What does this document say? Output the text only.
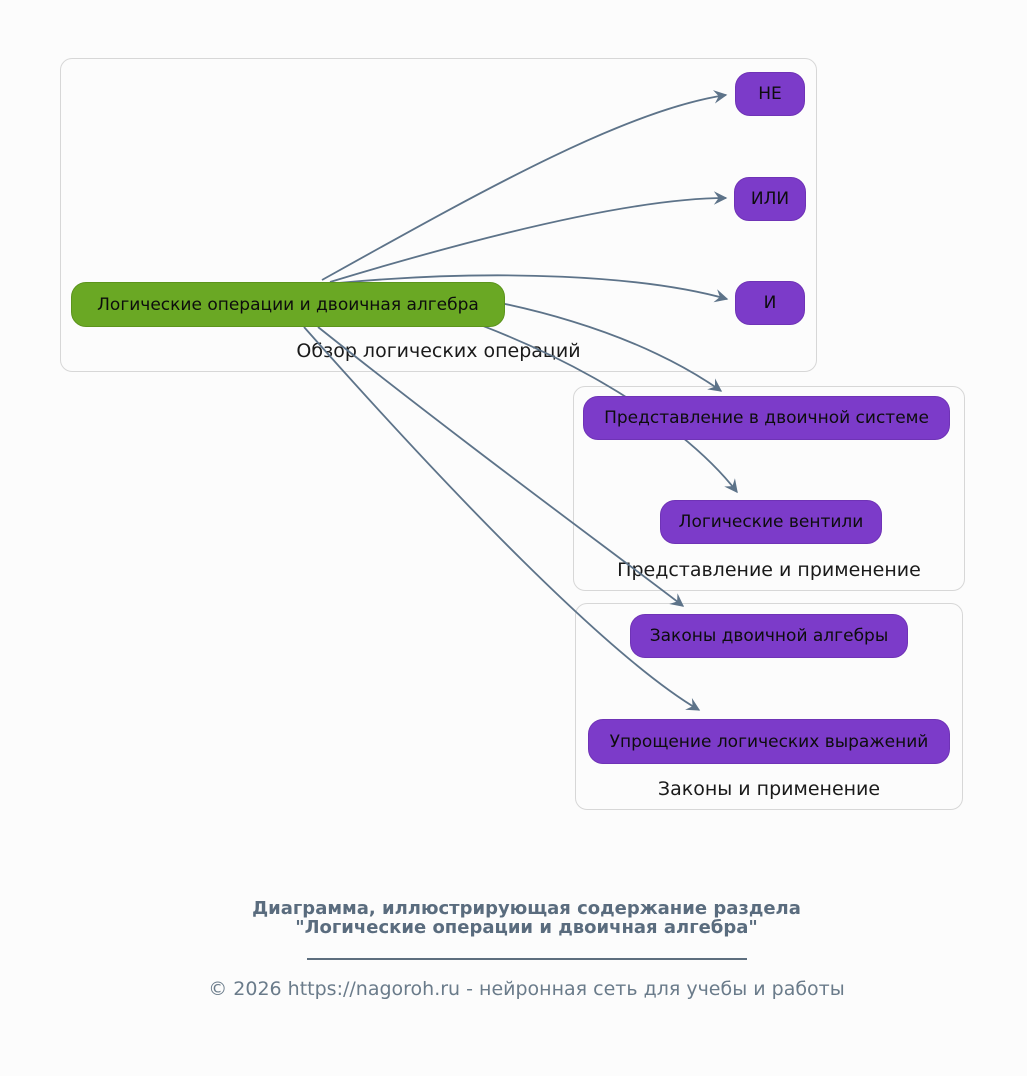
Обзор логических операций
Представление и применение
Законы и применение
Логические операции и двоичная алгебра
НЕ
ИЛИ
И
Представление в двоичной системе
Логические вентили
Законы двоичной алгебры
Упрощение логических выражений
Диаграмма, иллюстрирующая содержание раздела
"Логические операции и двоичная алгебра"
© 2026 https://nagoroh.ru - нейронная сеть для учебы и работы
